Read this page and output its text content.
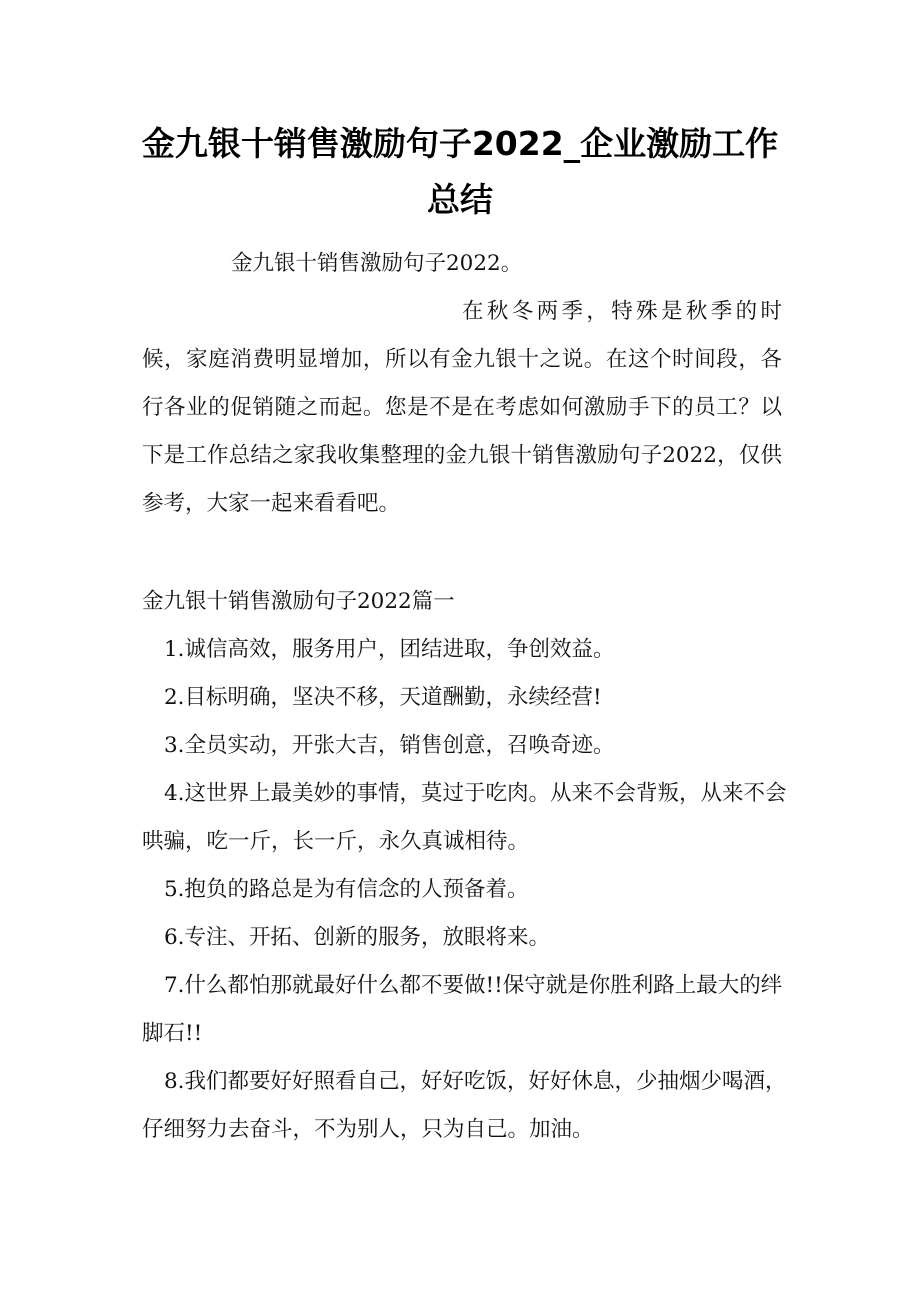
金九银十销售激励句子2022_企业激励工作总结

金九银十销售激励句子2022。

在秋冬两季，特殊是秋季的时候，家庭消费明显增加，所以有金九银十之说。在这个时间段，各行各业的促销随之而起。您是不是在考虑如何激励手下的员工？以下是工作总结之家我收集整理的金九银十销售激励句子2022，仅供参考，大家一起来看看吧。

金九银十销售激励句子2022篇一

1.诚信高效，服务用户，团结进取，争创效益。

2.目标明确，坚决不移，天道酬勤，永续经营!

3.全员实动，开张大吉，销售创意，召唤奇迹。

4.这世界上最美妙的事情，莫过于吃肉。从来不会背叛，从来不会哄骗，吃一斤，长一斤，永久真诚相待。

5.抱负的路总是为有信念的人预备着。

6.专注、开拓、创新的服务，放眼将来。

7.什么都怕那就最好什么都不要做!!保守就是你胜利路上最大的绊脚石!!

8.我们都要好好照看自己，好好吃饭，好好休息，少抽烟少喝酒，仔细努力去奋斗，不为别人，只为自己。加油。
